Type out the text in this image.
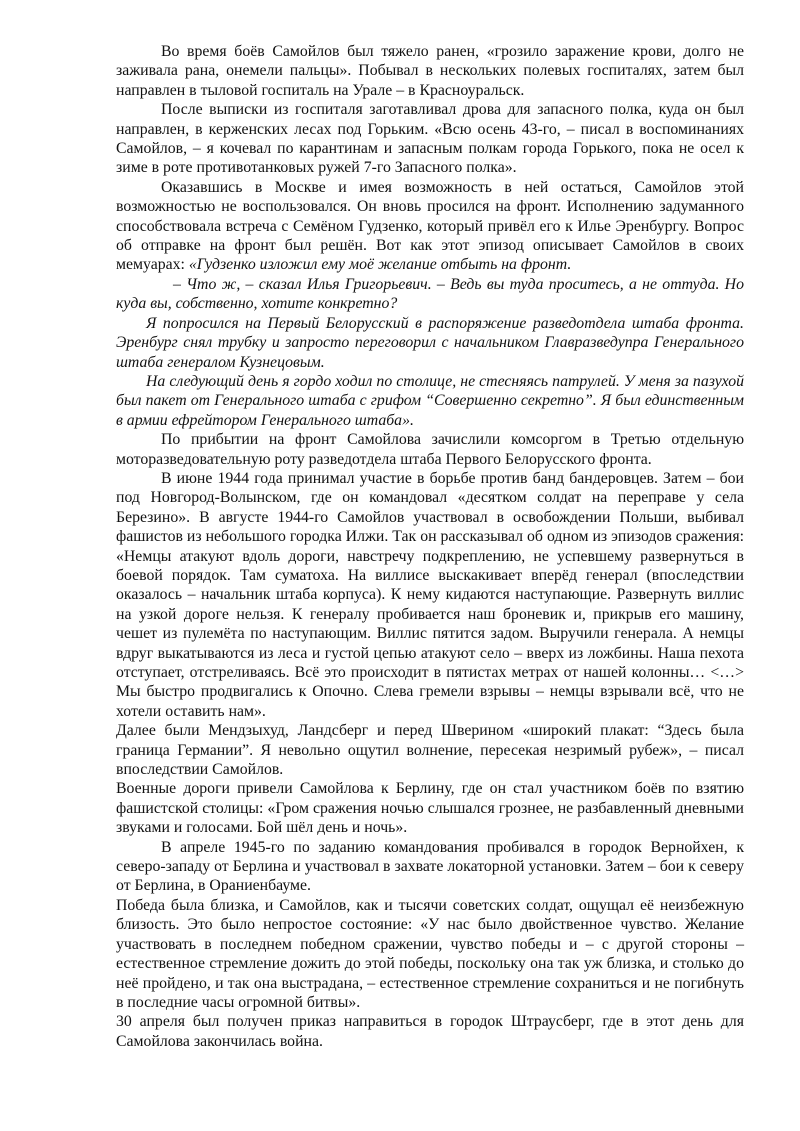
Во время боёв Самойлов был тяжело ранен, «грозило заражение крови, долго не заживала рана, онемели пальцы». Побывал в нескольких полевых госпиталях, затем был направлен в тыловой госпиталь на Урале – в Красноуральск.

После выписки из госпиталя заготавливал дрова для запасного полка, куда он был направлен, в керженских лесах под Горьким. «Всю осень 43-го, – писал в воспоминаниях Самойлов, – я кочевал по карантинам и запасным полкам города Горького, пока не осел к зиме в роте противотанковых ружей 7-го Запасного полка».

Оказавшись в Москве и имея возможность в ней остаться, Самойлов этой возможностью не воспользовался. Он вновь просился на фронт. Исполнению задуманного способствовала встреча с Семёном Гудзенко, который привёл его к Илье Эренбургу. Вопрос об отправке на фронт был решён. Вот как этот эпизод описывает Самойлов в своих мемуарах: «Гудзенко изложил ему моё желание отбыть на фронт.

– Что ж, – сказал Илья Григорьевич. – Ведь вы туда проситесь, а не оттуда. Но куда вы, собственно, хотите конкретно?

Я попросился на Первый Белорусский в распоряжение разведотдела штаба фронта. Эренбург снял трубку и запросто переговорил с начальником Главразведупра Генерального штаба генералом Кузнецовым.

На следующий день я гордо ходил по столице, не стесняясь патрулей. У меня за пазухой был пакет от Генерального штаба с грифом “Совершенно секретно”. Я был единственным в армии ефрейтором Генерального штаба».

По прибытии на фронт Самойлова зачислили комсоргом в Третью отдельную моторазведовательную роту разведотдела штаба Первого Белорусского фронта.

В июне 1944 года принимал участие в борьбе против банд бандеровцев. Затем – бои под Новгород-Волынском, где он командовал «десятком солдат на переправе у села Березино». В августе 1944-го Самойлов участвовал в освобождении Польши, выбивал фашистов из небольшого городка Илжи. Так он рассказывал об одном из эпизодов сражения: «Немцы атакуют вдоль дороги, навстречу подкреплению, не успевшему развернуться в боевой порядок. Там суматоха. На виллисе выскакивает вперёд генерал (впоследствии оказалось – начальник штаба корпуса). К нему кидаются наступающие. Развернуть виллис на узкой дороге нельзя. К генералу пробивается наш броневик и, прикрыв его машину, чешет из пулемёта по наступающим. Виллис пятится задом. Выручили генерала. А немцы вдруг выкатываются из леса и густой цепью атакуют село – вверх из ложбины. Наша пехота отступает, отстреливаясь. Всё это происходит в пятистах метрах от нашей колонны… <…> Мы быстро продвигались к Опочно. Слева гремели взрывы – немцы взрывали всё, что не хотели оставить нам».

Далее были Мендзыхуд, Ландсберг и перед Шверином «широкий плакат: “Здесь была граница Германии”. Я невольно ощутил волнение, пересекая незримый рубеж», – писал впоследствии Самойлов.

Военные дороги привели Самойлова к Берлину, где он стал участником боёв по взятию фашистской столицы: «Гром сражения ночью слышался грознее, не разбавленный дневными звуками и голосами. Бой шёл день и ночь».

В апреле 1945-го по заданию командования пробивался в городок Вернойхен, к северо-западу от Берлина и участвовал в захвате локаторной установки. Затем – бои к северу от Берлина, в Ораниенбауме.

Победа была близка, и Самойлов, как и тысячи советских солдат, ощущал её неизбежную близость. Это было непростое состояние: «У нас было двойственное чувство. Желание участвовать в последнем победном сражении, чувство победы и – с другой стороны – естественное стремление дожить до этой победы, поскольку она так уж близка, и столько до неё пройдено, и так она выстрадана, – естественное стремление сохраниться и не погибнуть в последние часы огромной битвы».

30 апреля был получен приказ направиться в городок Штраусберг, где в этот день для Самойлова закончилась война.
